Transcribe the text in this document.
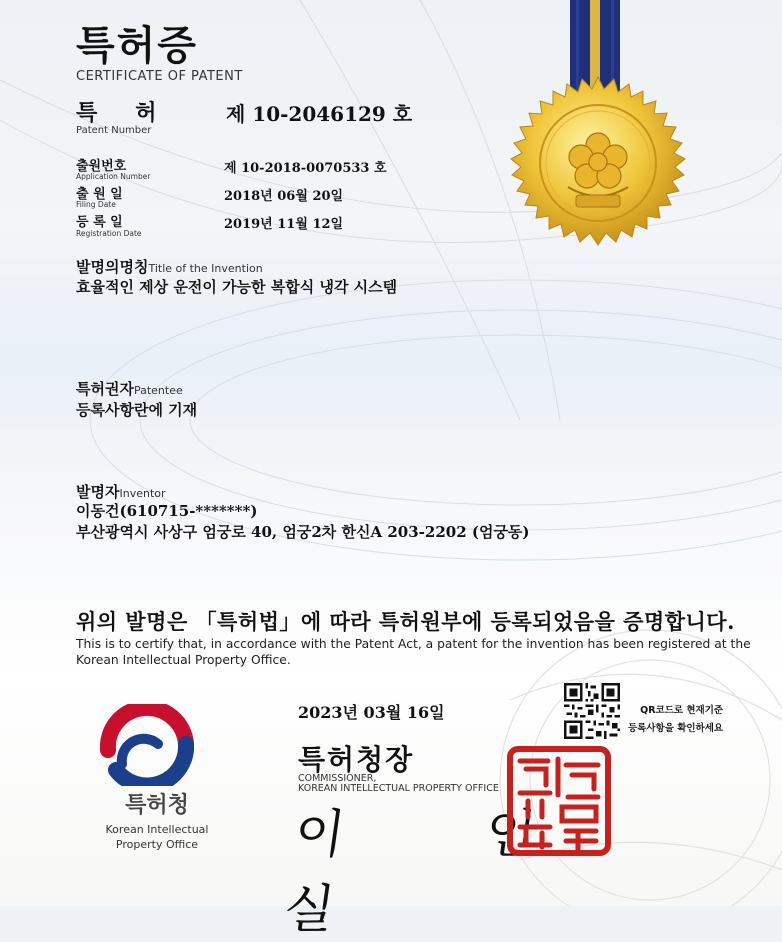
특허증
CERTIFICATE OF PATENT
특허
Patent Number
제 10-2046129 호
출원번호
Application Number
제 10-2018-0070533 호
출 원 일
Filing Date
2018년 06월 20일
등 록 일
Registration Date
2019년 11월 12일
발명의명칭Title of the Invention
효율적인 제상 운전이 가능한 복합식 냉각 시스템
특허권자Patentee
등록사항란에 기재
발명자Inventor
이동건(610715-*******)
부산광역시 사상구 엄궁로 40, 엄궁2차 한신A 203-2202 (엄궁동)
위의 발명은 「특허법」에 따라 특허원부에 등록되었음을 증명합니다.
This is to certify that, in accordance with the Patent Act, a patent for the invention has been registered at the Korean Intellectual Property Office.
QR코드로 현재기준
등록사항을 확인하세요
특허청
Korean Intellectual
Property Office
2023년 03월 16일
특허청장
COMMISSIONER,
KOREAN INTELLECTUAL PROPERTY OFFICE
이 인 실
